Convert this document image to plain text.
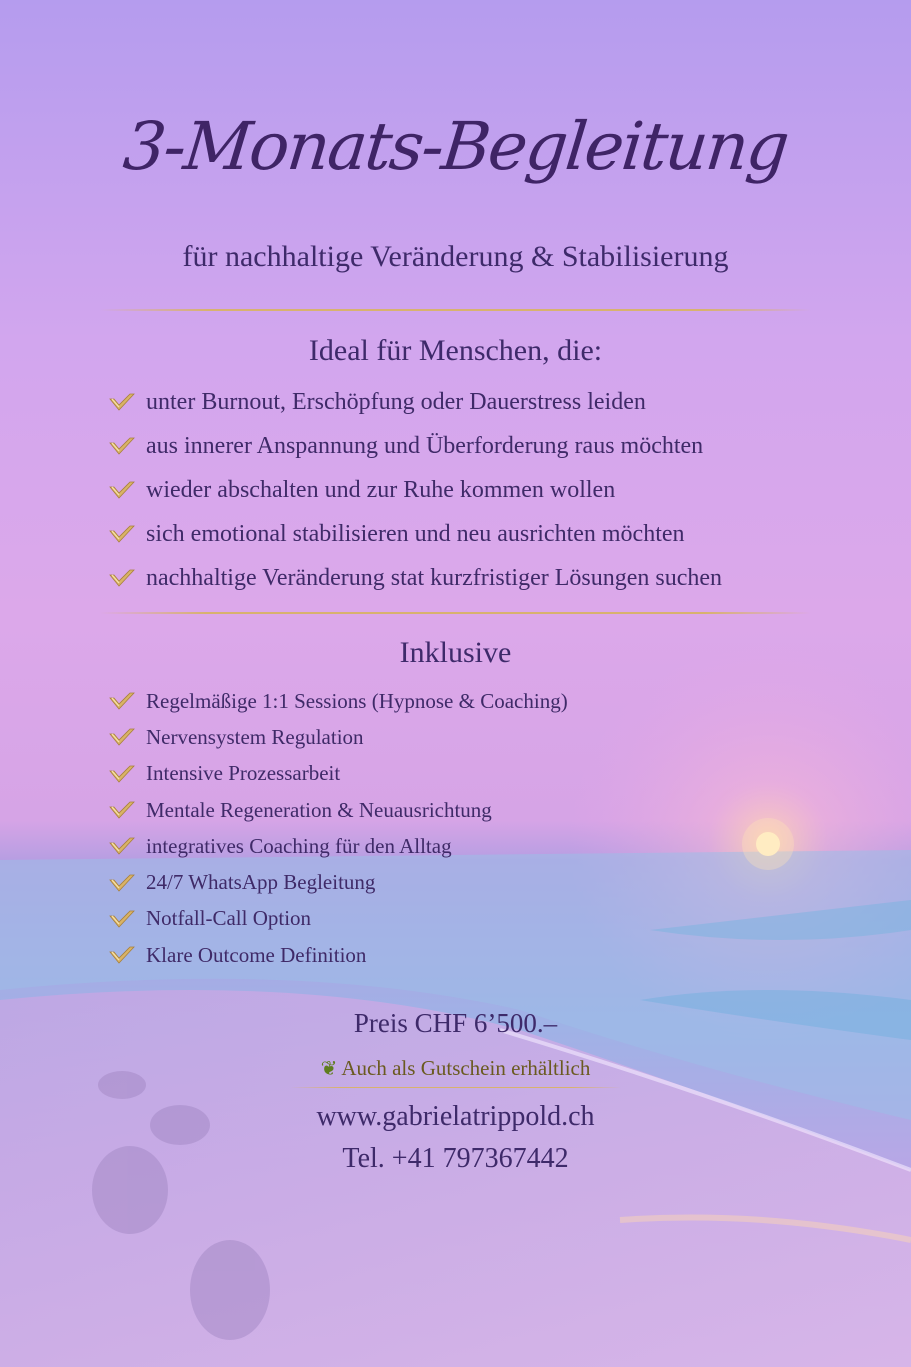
3-Monats-Begleitung
für nachhaltige Veränderung & Stabilisierung
Ideal für Menschen, die:
unter Burnout, Erschöpfung oder Dauerstress leiden
aus innerer Anspannung und Überforderung raus möchten
wieder abschalten und zur Ruhe kommen wollen
sich emotional stabilisieren und neu ausrichten möchten
nachhaltige Veränderung stat kurzfristiger Lösungen suchen
Inklusive
Regelmäßige 1:1 Sessions (Hypnose & Coaching)
Nervensystem Regulation
Intensive Prozessarbeit
Mentale Regeneration & Neuausrichtung
integratives Coaching für den Alltag
24/7 WhatsApp Begleitung
Notfall-Call Option
Klare Outcome Definition
Preis CHF 6’500.–
❦ Auch als Gutschein erhältlich
www.gabrielatrippold.ch
Tel. +41 797367442
